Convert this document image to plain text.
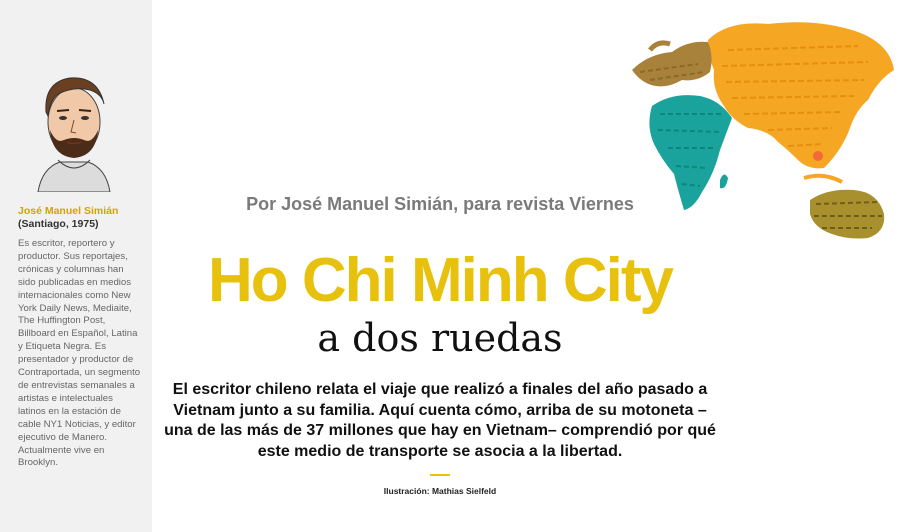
José Manuel Simián
(Santiago, 1975)
Es escritor, reportero y productor. Sus reportajes, crónicas y columnas han sido publicadas en medios internacionales como New York Daily News, Mediaite, The Huffington Post, Billboard en Español, Latina y Etiqueta Negra. Es presentador y productor de Contraportada, un segmento de entrevistas semanales a artistas e intelectuales latinos en la estación de cable NY1 Noticias, y editor ejecutivo de Manero. Actualmente vive en Brooklyn.
Por José Manuel Simián, para revista Viernes
Ho Chi Minh City
a dos ruedas

El escritor chileno relata el viaje que realizó a finales del año pasado a Vietnam junto a su familia. Aquí cuenta cómo, arriba de su motoneta –una de las más de 37 millones que hay en Vietnam– comprendió por qué este medio de transporte se asocia a la libertad.

Ilustración: Mathias Sielfeld
